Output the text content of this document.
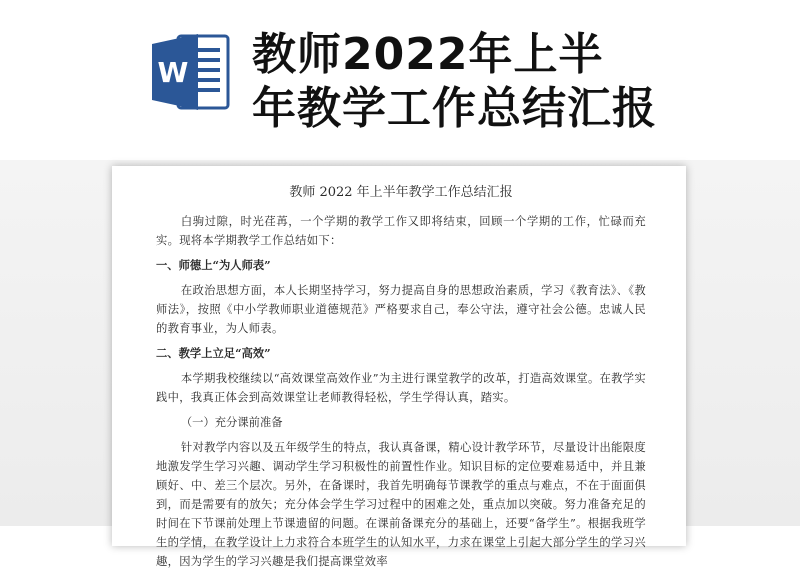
W 教师2022年上半
年教学工作总结汇报

教师 2022 年上半年教学工作总结汇报

白驹过隙，时光荏苒，一个学期的教学工作又即将结束，回顾一个学期的工作，忙碌而充实。现将本学期教学工作总结如下：

一、师德上“为人师表”

在政治思想方面，本人长期坚持学习，努力提高自身的思想政治素质，学习《教育法》、《教师法》，按照《中小学教师职业道德规范》严格要求自己，奉公守法，遵守社会公德。忠诚人民的教育事业，为人师表。

二、教学上立足“高效”

本学期我校继续以“高效课堂高效作业”为主进行课堂教学的改革，打造高效课堂。在教学实践中，我真正体会到高效课堂让老师教得轻松，学生学得认真，踏实。

（一）充分课前准备

针对教学内容以及五年级学生的特点，我认真备课，精心设计教学环节，尽量设计出能限度地激发学生学习兴趣、调动学生学习积极性的前置性作业。知识目标的定位要难易适中，并且兼顾好、中、差三个层次。另外，在备课时，我首先明确每节课教学的重点与难点，不在于面面俱到，而是需要有的放矢；充分体会学生学习过程中的困难之处，重点加以突破。努力准备充足的时间在下节课前处理上节课遗留的问题。在课前备课充分的基础上，还要“备学生”。根据我班学生的学情，在教学设计上力求符合本班学生的认知水平，力求在课堂上引起大部分学生的学习兴趣，因为学生的学习兴趣是我们提高课堂效率
